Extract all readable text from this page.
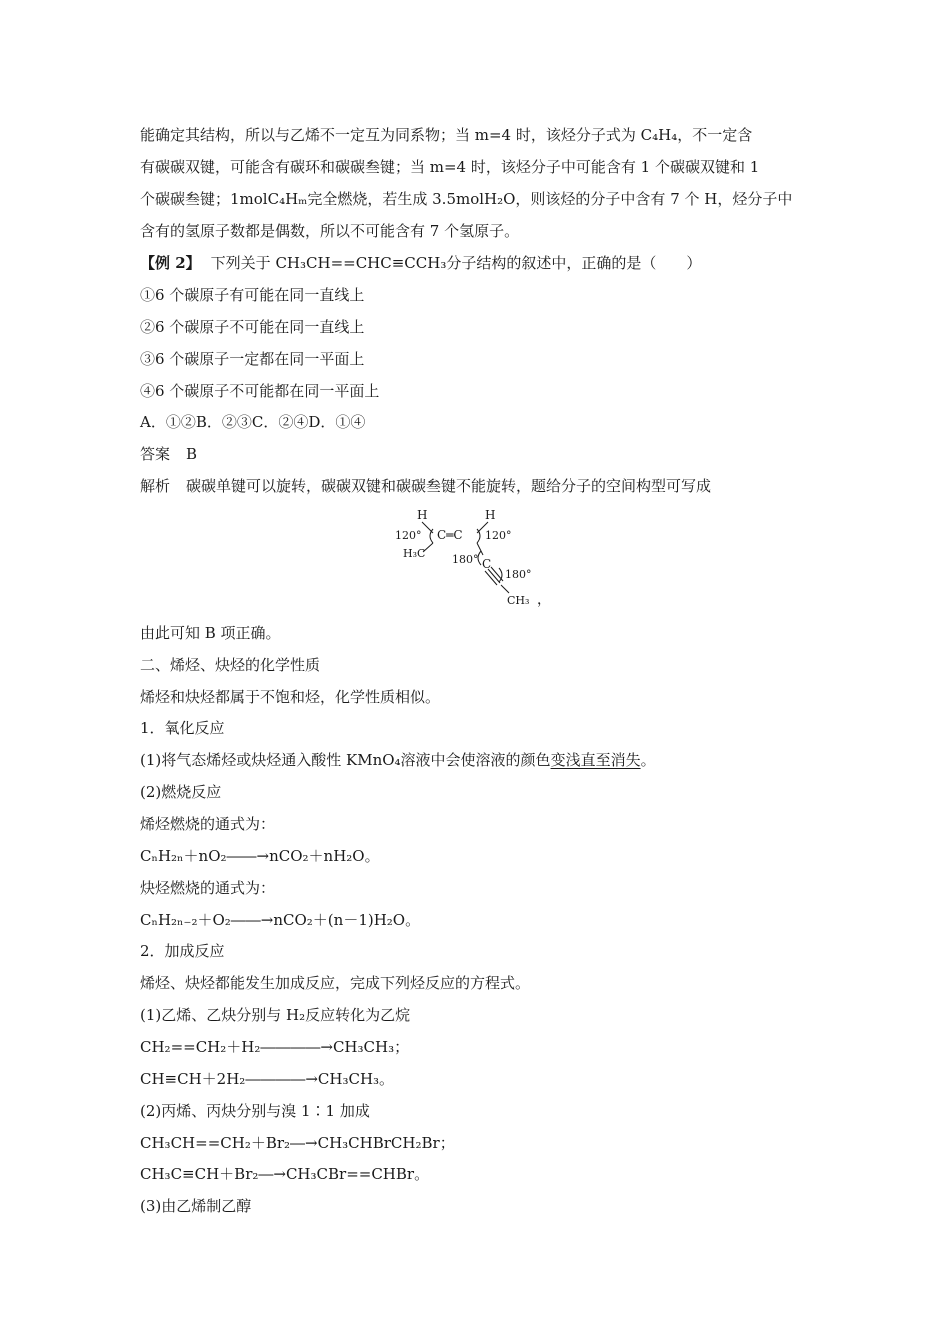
能确定其结构，所以与乙烯不一定互为同系物；当 m=4 时，该烃分子式为 C₄H₄，不一定含
有碳碳双键，可能含有碳环和碳碳叁键；当 m=4 时，该烃分子中可能含有 1 个碳碳双键和 1
个碳碳叁键；1molC₄Hₘ完全燃烧，若生成 3.5molH₂O，则该烃的分子中含有 7 个 H，烃分子中
含有的氢原子数都是偶数，所以不可能含有 7 个氢原子。
【例 2】 下列关于 CH₃CH==CHC≡CCH₃分子结构的叙述中，正确的是（　　）
①6 个碳原子有可能在同一直线上
②6 个碳原子不可能在同一直线上
③6 个碳原子一定都在同一平面上
④6 个碳原子不可能都在同一平面上
A．①②B．②③C．②④D．①④
答案 B
解析 碳碳单键可以旋转，碳碳双键和碳碳叁键不能旋转，题给分子的空间构型可写成
H	H
120° C═C 120°
H₃C 180° C
180°
CH₃ ，
由此可知 B 项正确。
二、烯烃、炔烃的化学性质
烯烃和炔烃都属于不饱和烃，化学性质相似。
1．氧化反应
(1)将气态烯烃或炔烃通入酸性 KMnO₄溶液中会使溶液的颜色变浅直至消失。
(2)燃烧反应
烯烃燃烧的通式为：
CₙH₂ₙ＋nO₂――→nCO₂＋nH₂O。
炔烃燃烧的通式为：
CₙH₂ₙ₋₂＋O₂――→nCO₂＋(n－1)H₂O。
2．加成反应
烯烃、炔烃都能发生加成反应，完成下列烃反应的方程式。
(1)乙烯、乙炔分别与 H₂反应转化为乙烷
CH₂==CH₂＋H₂――――→CH₃CH₃；
CH≡CH＋2H₂――――→CH₃CH₃。
(2)丙烯、丙炔分别与溴 1∶1 加成
CH₃CH==CH₂＋Br₂―→CH₃CHBrCH₂Br；
CH₃C≡CH＋Br₂―→CH₃CBr==CHBr。
(3)由乙烯制乙醇
